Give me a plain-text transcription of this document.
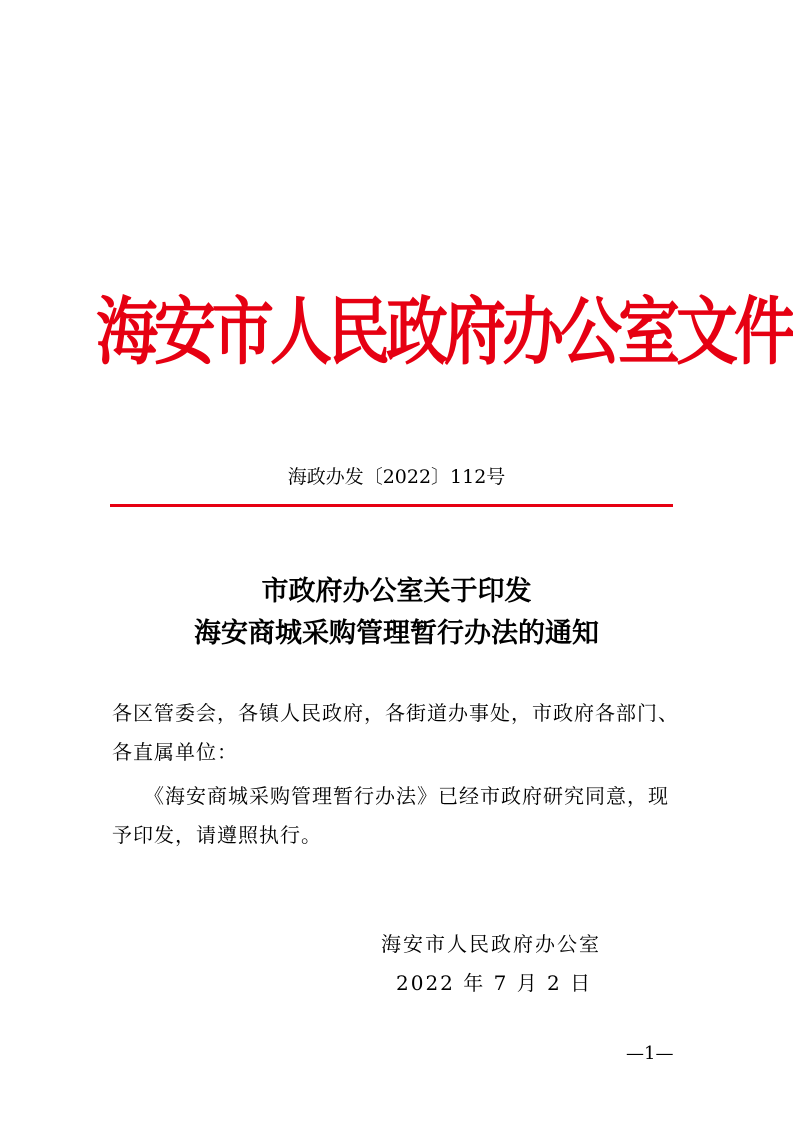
海安市人民政府办公室文件
海政办发〔2022〕112号
市政府办公室关于印发
海安商城采购管理暂行办法的通知
各区管委会，各镇人民政府，各街道办事处，市政府各部门、
各直属单位：
　　《海安商城采购管理暂行办法》已经市政府研究同意，现
予印发，请遵照执行。
海安市人民政府办公室
2022 年 7 月 2 日
—1—
